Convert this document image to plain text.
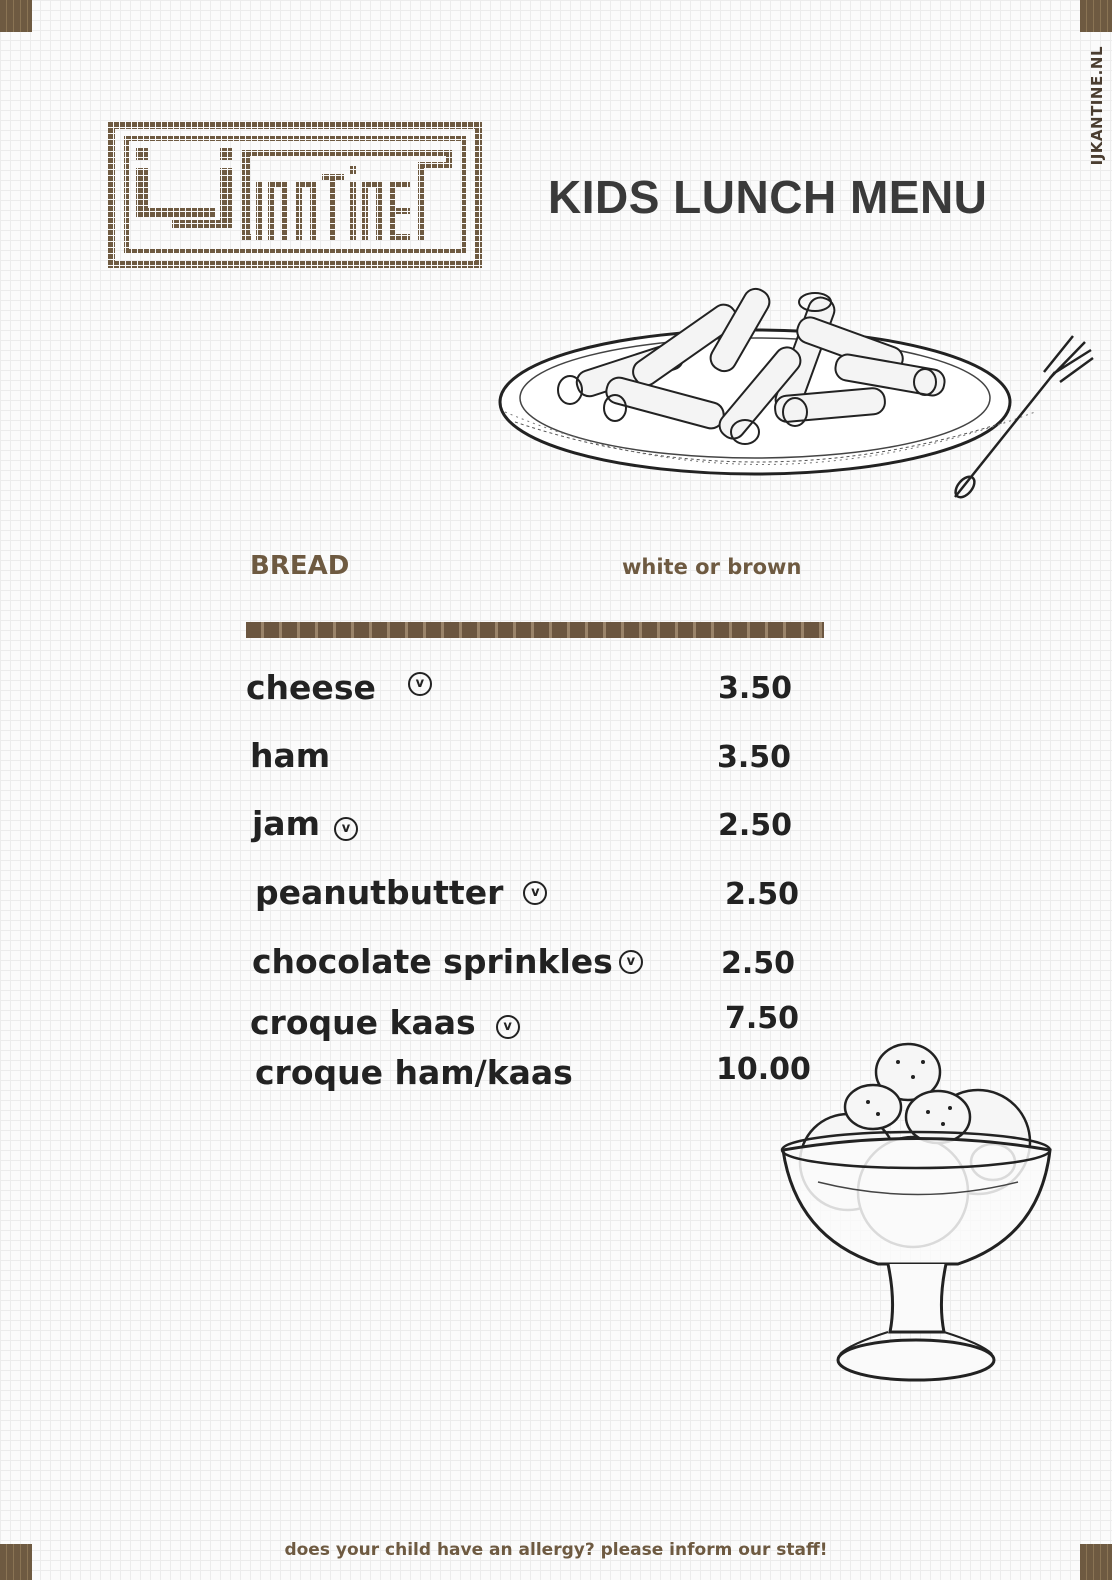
IJKANTINE.NL
KIDS LUNCH MENU
BREAD	white or brown
cheese	v	3.50
ham	3.50
jam	v	2.50
peanutbutter	v	2.50
chocolate sprinkles	v	2.50
croque kaas	v	7.50
croque ham/kaas	10.00
does your child have an allergy? please inform our staff!
